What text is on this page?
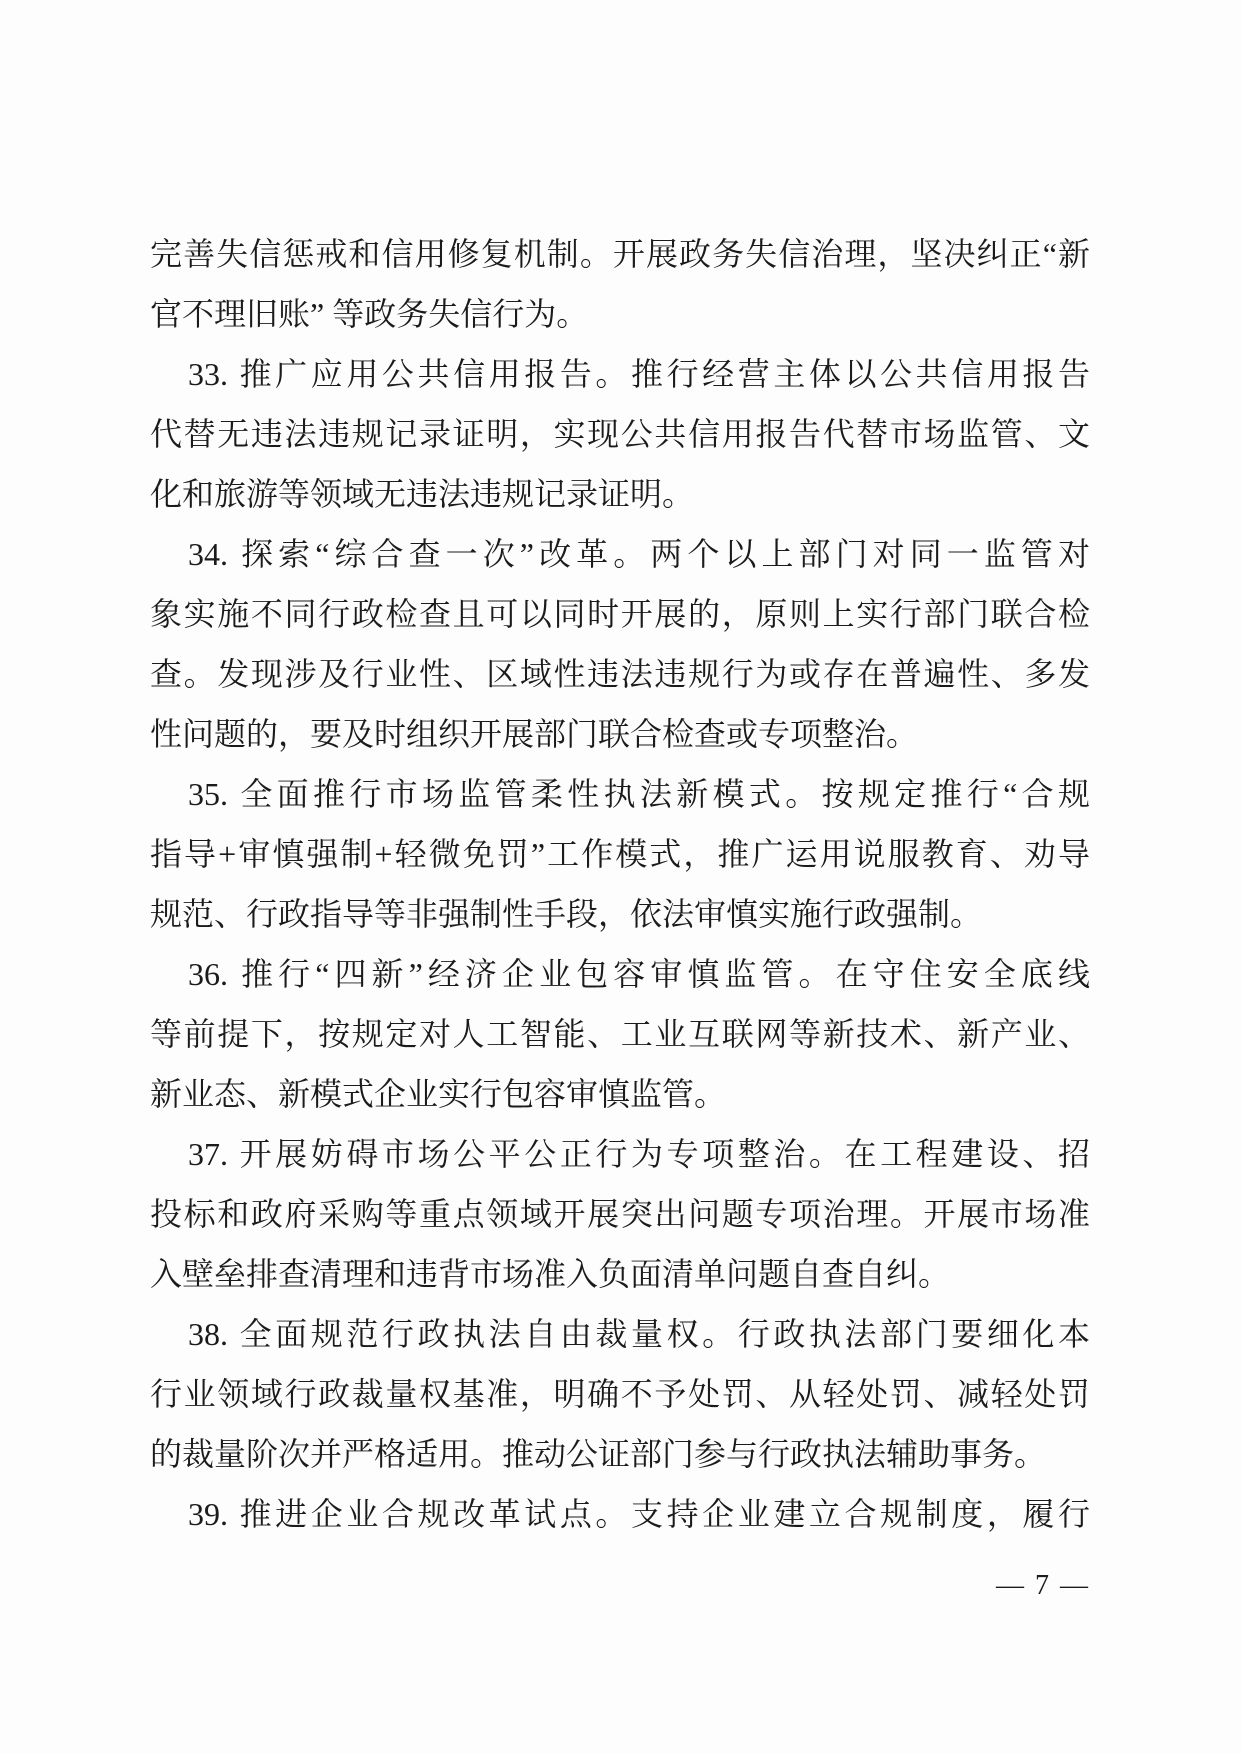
完善失信惩戒和信用修复机制。开展政务失信治理，坚决纠正“新
官不理旧账” 等政务失信行为。
33. 推广应用公共信用报告。推行经营主体以公共信用报告
代替无违法违规记录证明，实现公共信用报告代替市场监管、文
化和旅游等领域无违法违规记录证明。
34. 探索“综合查一次”改革。两个以上部门对同一监管对
象实施不同行政检查且可以同时开展的，原则上实行部门联合检
查。发现涉及行业性、区域性违法违规行为或存在普遍性、多发
性问题的，要及时组织开展部门联合检查或专项整治。
35. 全面推行市场监管柔性执法新模式。按规定推行“合规
指导+审慎强制+轻微免罚”工作模式，推广运用说服教育、劝导
规范、行政指导等非强制性手段，依法审慎实施行政强制。
36. 推行“四新”经济企业包容审慎监管。在守住安全底线
等前提下，按规定对人工智能、工业互联网等新技术、新产业、
新业态、新模式企业实行包容审慎监管。
37. 开展妨碍市场公平公正行为专项整治。在工程建设、招
投标和政府采购等重点领域开展突出问题专项治理。开展市场准
入壁垒排查清理和违背市场准入负面清单问题自查自纠。
38. 全面规范行政执法自由裁量权。行政执法部门要细化本
行业领域行政裁量权基准，明确不予处罚、从轻处罚、减轻处罚
的裁量阶次并严格适用。推动公证部门参与行政执法辅助事务。
39. 推进企业合规改革试点。支持企业建立合规制度，履行
— 7 —
